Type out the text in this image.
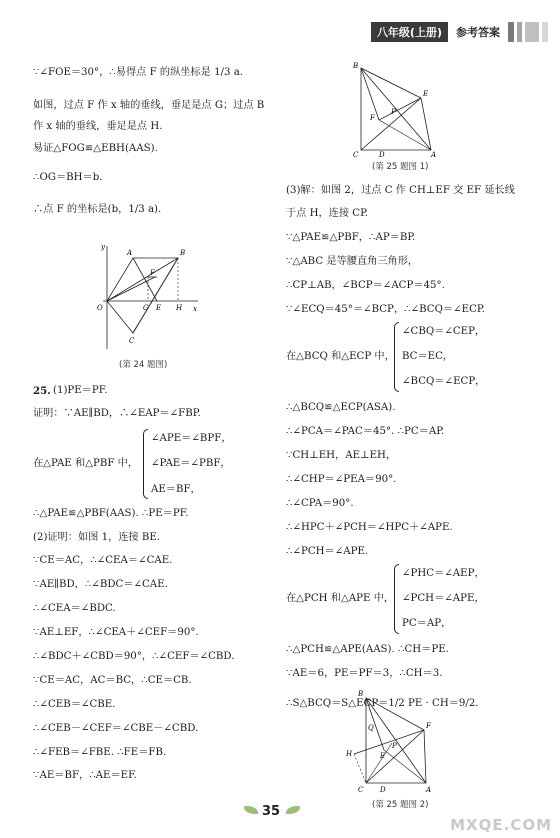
八年级(上册)	参考答案
∵∠FOE＝30°，∴易得点 F 的纵坐标是 1/3 a.
如图，过点 F 作 x 轴的垂线，垂足是点 G；过点 B
作 x 轴的垂线，垂足是点 H.
易证△FOG≌△EBH(AAS).
∴OG＝BH＝b.
∴点 F 的坐标是(b，1/3 a).
y
x
O
A	B
F
G E H
C
(第 24 题图)
25. (1)PE＝PF.
证明：∵AE∥BD，∴∠EAP＝∠FBP.
在△PAE 和△PBF 中，
∠APE＝∠BPF，
∠PAE＝∠PBF，
AE＝BF，
∴△PAE≌△PBF(AAS). ∴PE＝PF.
(2)证明：如图 1，连接 BE.
∵CE＝AC，∴∠CEA＝∠CAE.
∵AE∥BD，∴∠BDC＝∠CAE.
∴∠CEA＝∠BDC.
∵AE⊥EF，∴∠CEA＋∠CEF＝90°.
∴∠BDC＋∠CBD＝90°，∴∠CEF＝∠CBD.
∵CE＝AC，AC＝BC，∴CE＝CB.
∴∠CEB＝∠CBE.
∴∠CEB－∠CEF＝∠CBE－∠CBD.
∴∠FEB＝∠FBE. ∴FE＝FB.
∵AE＝BF，∴AE＝EF.
B
E
F
P
C	D	A
(第 25 题图 1)
(3)解：如图 2，过点 C 作 CH⊥EF 交 EF 延长线
于点 H，连接 CP.
∵△PAE≌△PBF，∴AP＝BP.
∵△ABC 是等腰直角三角形，
∴CP⊥AB，∠BCP＝∠ACP＝45°.
∵∠ECQ＝45°＝∠BCP，∴∠BCQ＝∠ECP.
在△BCQ 和△ECP 中，
∠CBQ＝∠CEP，
BC＝EC，
∠BCQ＝∠ECP，
∴△BCQ≌△ECP(ASA).
∴∠PCA＝∠PAC＝45°. ∴PC＝AP.
∵CH⊥EH，AE⊥EH，
∴∠CHP＝∠PEA＝90°.
∴∠CPA＝90°.
∴∠HPC＋∠PCH＝∠HPC＋∠APE.
∴∠PCH＝∠APE.
在△PCH 和△APE 中，
∠PHC＝∠AEP，
∠PCH＝∠APE，
PC＝AP，
∴△PCH≌△APE(AAS). ∴CH＝PE.
∵AE＝6，PE＝PF＝3，∴CH＝3.
∴S△BCQ＝S△ECP＝1/2 PE · CH＝9/2.
B
F
Q
H	E
P
C D	A
(第 25 题图 2)
35
MXQE.COM
